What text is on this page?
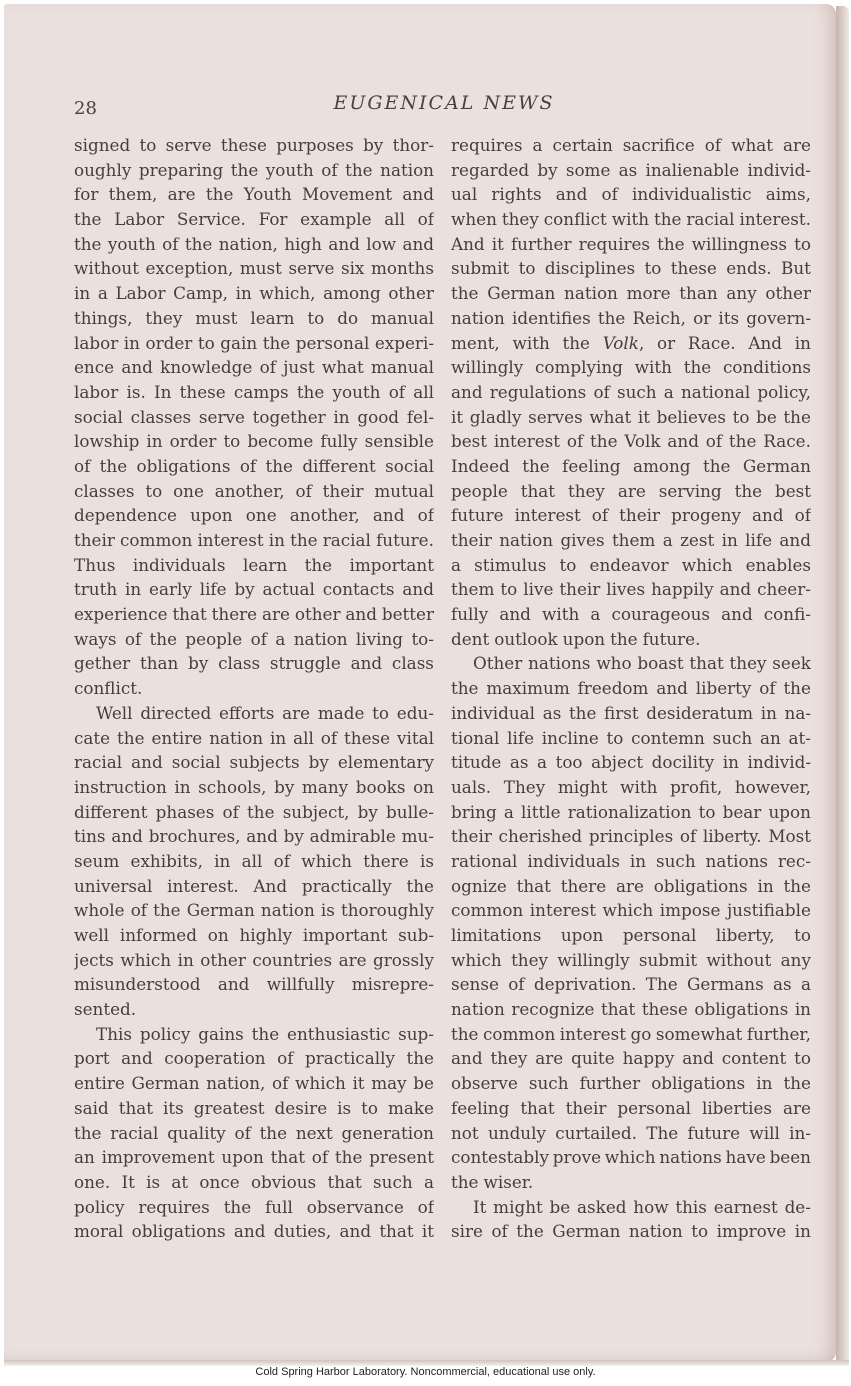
28	EUGENICAL NEWS
signed to serve these purposes by thor-
oughly preparing the youth of the nation
for them, are the Youth Movement and
the Labor Service. For example all of
the youth of the nation, high and low and
without exception, must serve six months
in a Labor Camp, in which, among other
things, they must learn to do manual
labor in order to gain the personal experi-
ence and knowledge of just what manual
labor is. In these camps the youth of all
social classes serve together in good fel-
lowship in order to become fully sensible
of the obligations of the different social
classes to one another, of their mutual
dependence upon one another, and of
their common interest in the racial future.
Thus individuals learn the important
truth in early life by actual contacts and
experience that there are other and better
ways of the people of a nation living to-
gether than by class struggle and class
conflict.
Well directed efforts are made to edu-
cate the entire nation in all of these vital
racial and social subjects by elementary
instruction in schools, by many books on
different phases of the subject, by bulle-
tins and brochures, and by admirable mu-
seum exhibits, in all of which there is
universal interest. And practically the
whole of the German nation is thoroughly
well informed on highly important sub-
jects which in other countries are grossly
misunderstood and willfully misrepre-
sented.
This policy gains the enthusiastic sup-
port and cooperation of practically the
entire German nation, of which it may be
said that its greatest desire is to make
the racial quality of the next generation
an improvement upon that of the present
one. It is at once obvious that such a
policy requires the full observance of
moral obligations and duties, and that it
requires a certain sacrifice of what are
regarded by some as inalienable individ-
ual rights and of individualistic aims,
when they conflict with the racial interest.
And it further requires the willingness to
submit to disciplines to these ends. But
the German nation more than any other
nation identifies the Reich, or its govern-
ment, with the Volk, or Race. And in
willingly complying with the conditions
and regulations of such a national policy,
it gladly serves what it believes to be the
best interest of the Volk and of the Race.
Indeed the feeling among the German
people that they are serving the best
future interest of their progeny and of
their nation gives them a zest in life and
a stimulus to endeavor which enables
them to live their lives happily and cheer-
fully and with a courageous and confi-
dent outlook upon the future.
Other nations who boast that they seek
the maximum freedom and liberty of the
individual as the first desideratum in na-
tional life incline to contemn such an at-
titude as a too abject docility in individ-
uals. They might with profit, however,
bring a little rationalization to bear upon
their cherished principles of liberty. Most
rational individuals in such nations rec-
ognize that there are obligations in the
common interest which impose justifiable
limitations upon personal liberty, to
which they willingly submit without any
sense of deprivation. The Germans as a
nation recognize that these obligations in
the common interest go somewhat further,
and they are quite happy and content to
observe such further obligations in the
feeling that their personal liberties are
not unduly curtailed. The future will in-
contestably prove which nations have been
the wiser.
It might be asked how this earnest de-
sire of the German nation to improve in
Cold Spring Harbor Laboratory. Noncommercial, educational use only.
